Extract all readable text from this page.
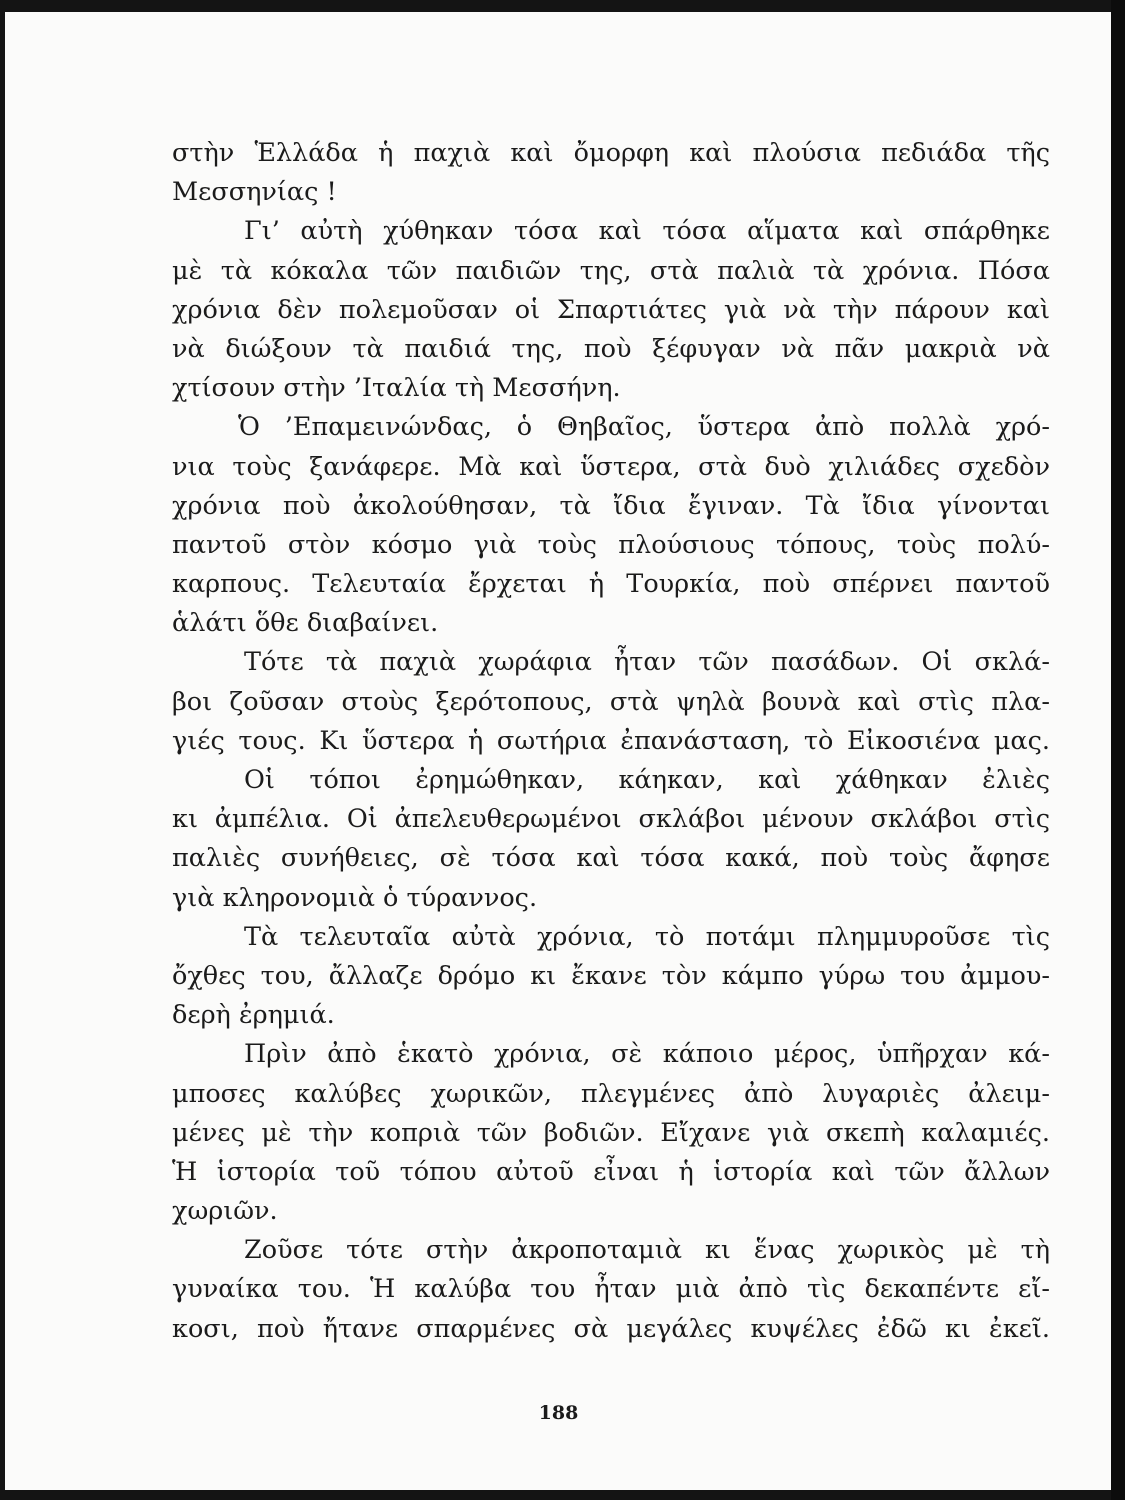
στὴν Ἑλλάδα ἡ παχιὰ καὶ ὄμορφη καὶ πλούσια πεδιάδα τῆς
Μεσσηνίας !
Γι’ αὐτὴ χύθηκαν τόσα καὶ τόσα αἵματα καὶ σπάρθηκε
μὲ τὰ κόκαλα τῶν παιδιῶν της, στὰ παλιὰ τὰ χρόνια. Πόσα
χρόνια δὲν πολεμοῦσαν οἱ Σπαρτιάτες γιὰ νὰ τὴν πάρουν καὶ
νὰ διώξουν τὰ παιδιά της, ποὺ ξέφυγαν νὰ πᾶν μακριὰ νὰ
χτίσουν στὴν ’Ιταλία τὴ Μεσσήνη.
Ὁ ’Επαμεινώνδας, ὁ Θηβαῖος, ὕστερα ἀπὸ πολλὰ χρό-
νια τοὺς ξανάφερε. Μὰ καὶ ὕστερα, στὰ δυὸ χιλιάδες σχεδὸν
χρόνια ποὺ ἀκολούθησαν, τὰ ἴδια ἔγιναν. Τὰ ἴδια γίνονται
παντοῦ στὸν κόσμο γιὰ τοὺς πλούσιους τόπους, τοὺς πολύ-
καρπους. Τελευταία ἔρχεται ἡ Τουρκία, ποὺ σπέρνει παντοῦ
ἁλάτι ὅθε διαβαίνει.
Τότε τὰ παχιὰ χωράφια ἦταν τῶν πασάδων. Οἱ σκλά-
βοι ζοῦσαν στοὺς ξερότοπους, στὰ ψηλὰ βουνὰ καὶ στὶς πλα-
γιές τους. Κι ὕστερα ἡ σωτήρια ἐπανάσταση, τὸ Εἰκοσιένα μας.
Οἱ τόποι ἐρημώθηκαν, κάηκαν, καὶ χάθηκαν ἐλιὲς
κι ἀμπέλια. Οἱ ἀπελευθερωμένοι σκλάβοι μένουν σκλάβοι στὶς
παλιὲς συνήθειες, σὲ τόσα καὶ τόσα κακά, ποὺ τοὺς ἄφησε
γιὰ κληρονομιὰ ὁ τύραννος.
Τὰ τελευταῖα αὐτὰ χρόνια, τὸ ποτάμι πλημμυροῦσε τὶς
ὄχθες του, ἄλλαζε δρόμο κι ἔκανε τὸν κάμπο γύρω του ἀμμου-
δερὴ ἐρημιά.
Πρὶν ἀπὸ ἑκατὸ χρόνια, σὲ κάποιο μέρος, ὑπῆρχαν κά-
μποσες καλύβες χωρικῶν, πλεγμένες ἀπὸ λυγαριὲς ἀλειμ-
μένες μὲ τὴν κοπριὰ τῶν βοδιῶν. Εἴχανε γιὰ σκεπὴ καλαμιές.
Ἡ ἱστορία τοῦ τόπου αὐτοῦ εἶναι ἡ ἱστορία καὶ τῶν ἄλλων
χωριῶν.
Ζοῦσε τότε στὴν ἀκροποταμιὰ κι ἕνας χωρικὸς μὲ τὴ
γυναίκα του. Ἡ καλύβα του ἦταν μιὰ ἀπὸ τὶς δεκαπέντε εἴ-
κοσι, ποὺ ἤτανε σπαρμένες σὰ μεγάλες κυψέλες ἐδῶ κι ἐκεῖ.
188
